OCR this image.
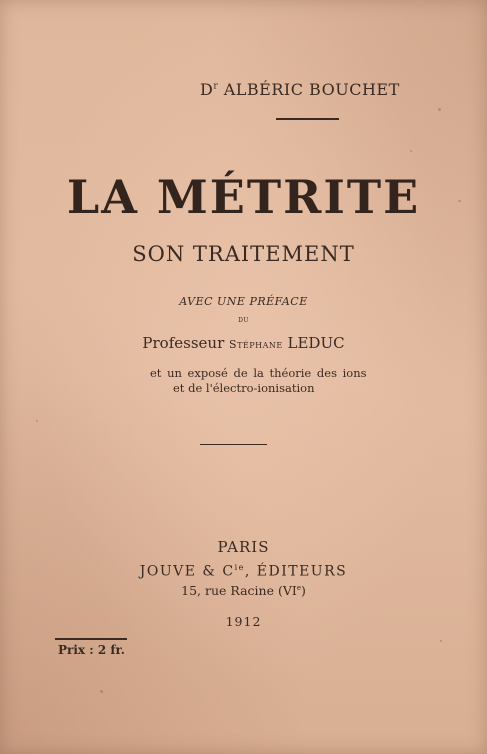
$D^r$ ALBÉRIC BOUCHET
LA MÉTRITE
SON TRAITEMENT
AVEC UNE PRÉFACE
DU
Professeur Stéphane LEDUC
et un exposé de la théorie des ions
et de l'électro-ionisation
PARIS
JOUVE & $C^{ie}$, ÉDITEURS
15, rue Racine (VIe)
1912
Prix : 2 fr.
